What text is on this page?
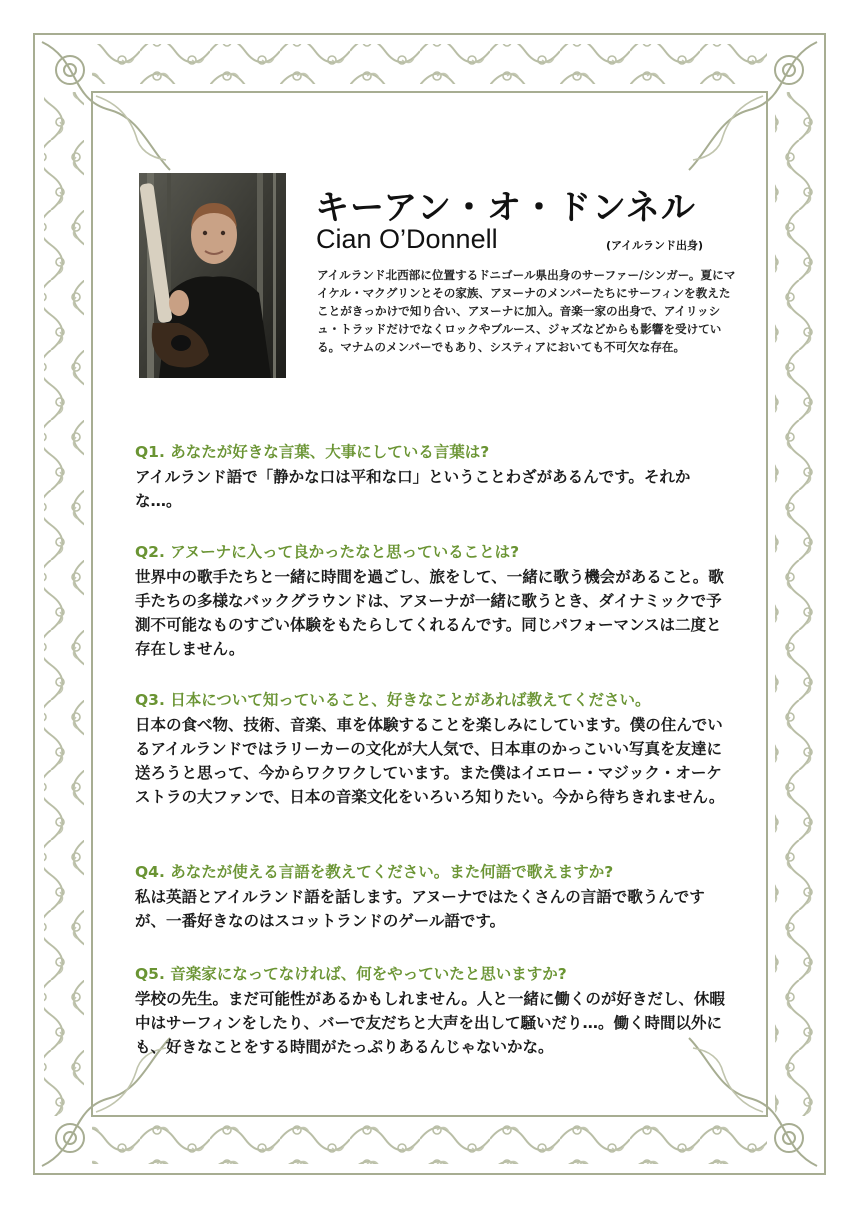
キーアン・オ・ドンネル
Cian O’Donnell	(アイルランド出身)
アイルランド北西部に位置するドニゴール県出身のサーファー/シンガー。夏にマイケル・マクグリンとその家族、アヌーナのメンバーたちにサーフィンを教えたことがきっかけで知り合い、アヌーナに加入。音楽一家の出身で、アイリッシュ・トラッドだけでなくロックやブルース、ジャズなどからも影響を受けている。マナムのメンバーでもあり、システィアにおいても不可欠な存在。
Q1. あなたが好きな言葉、大事にしている言葉は?
アイルランド語で「静かな口は平和な口」ということわざがあるんです。それかな…。
Q2. アヌーナに入って良かったなと思っていることは?
世界中の歌手たちと一緒に時間を過ごし、旅をして、一緒に歌う機会があること。歌手たちの多様なバックグラウンドは、アヌーナが一緒に歌うとき、ダイナミックで予測不可能なものすごい体験をもたらしてくれるんです。同じパフォーマンスは二度と存在しません。
Q3. 日本について知っていること、好きなことがあれば教えてください。
日本の食べ物、技術、音楽、車を体験することを楽しみにしています。僕の住んでいるアイルランドではラリーカーの文化が大人気で、日本車のかっこいい写真を友達に送ろうと思って、今からワクワクしています。また僕はイエロー・マジック・オーケストラの大ファンで、日本の音楽文化をいろいろ知りたい。今から待ちきれません。
Q4. あなたが使える言語を教えてください。また何語で歌えますか?
私は英語とアイルランド語を話します。アヌーナではたくさんの言語で歌うんですが、一番好きなのはスコットランドのゲール語です。
Q5. 音楽家になってなければ、何をやっていたと思いますか?
学校の先生。まだ可能性があるかもしれません。人と一緒に働くのが好きだし、休暇中はサーフィンをしたり、バーで友だちと大声を出して騒いだり…。働く時間以外にも、好きなことをする時間がたっぷりあるんじゃないかな。
